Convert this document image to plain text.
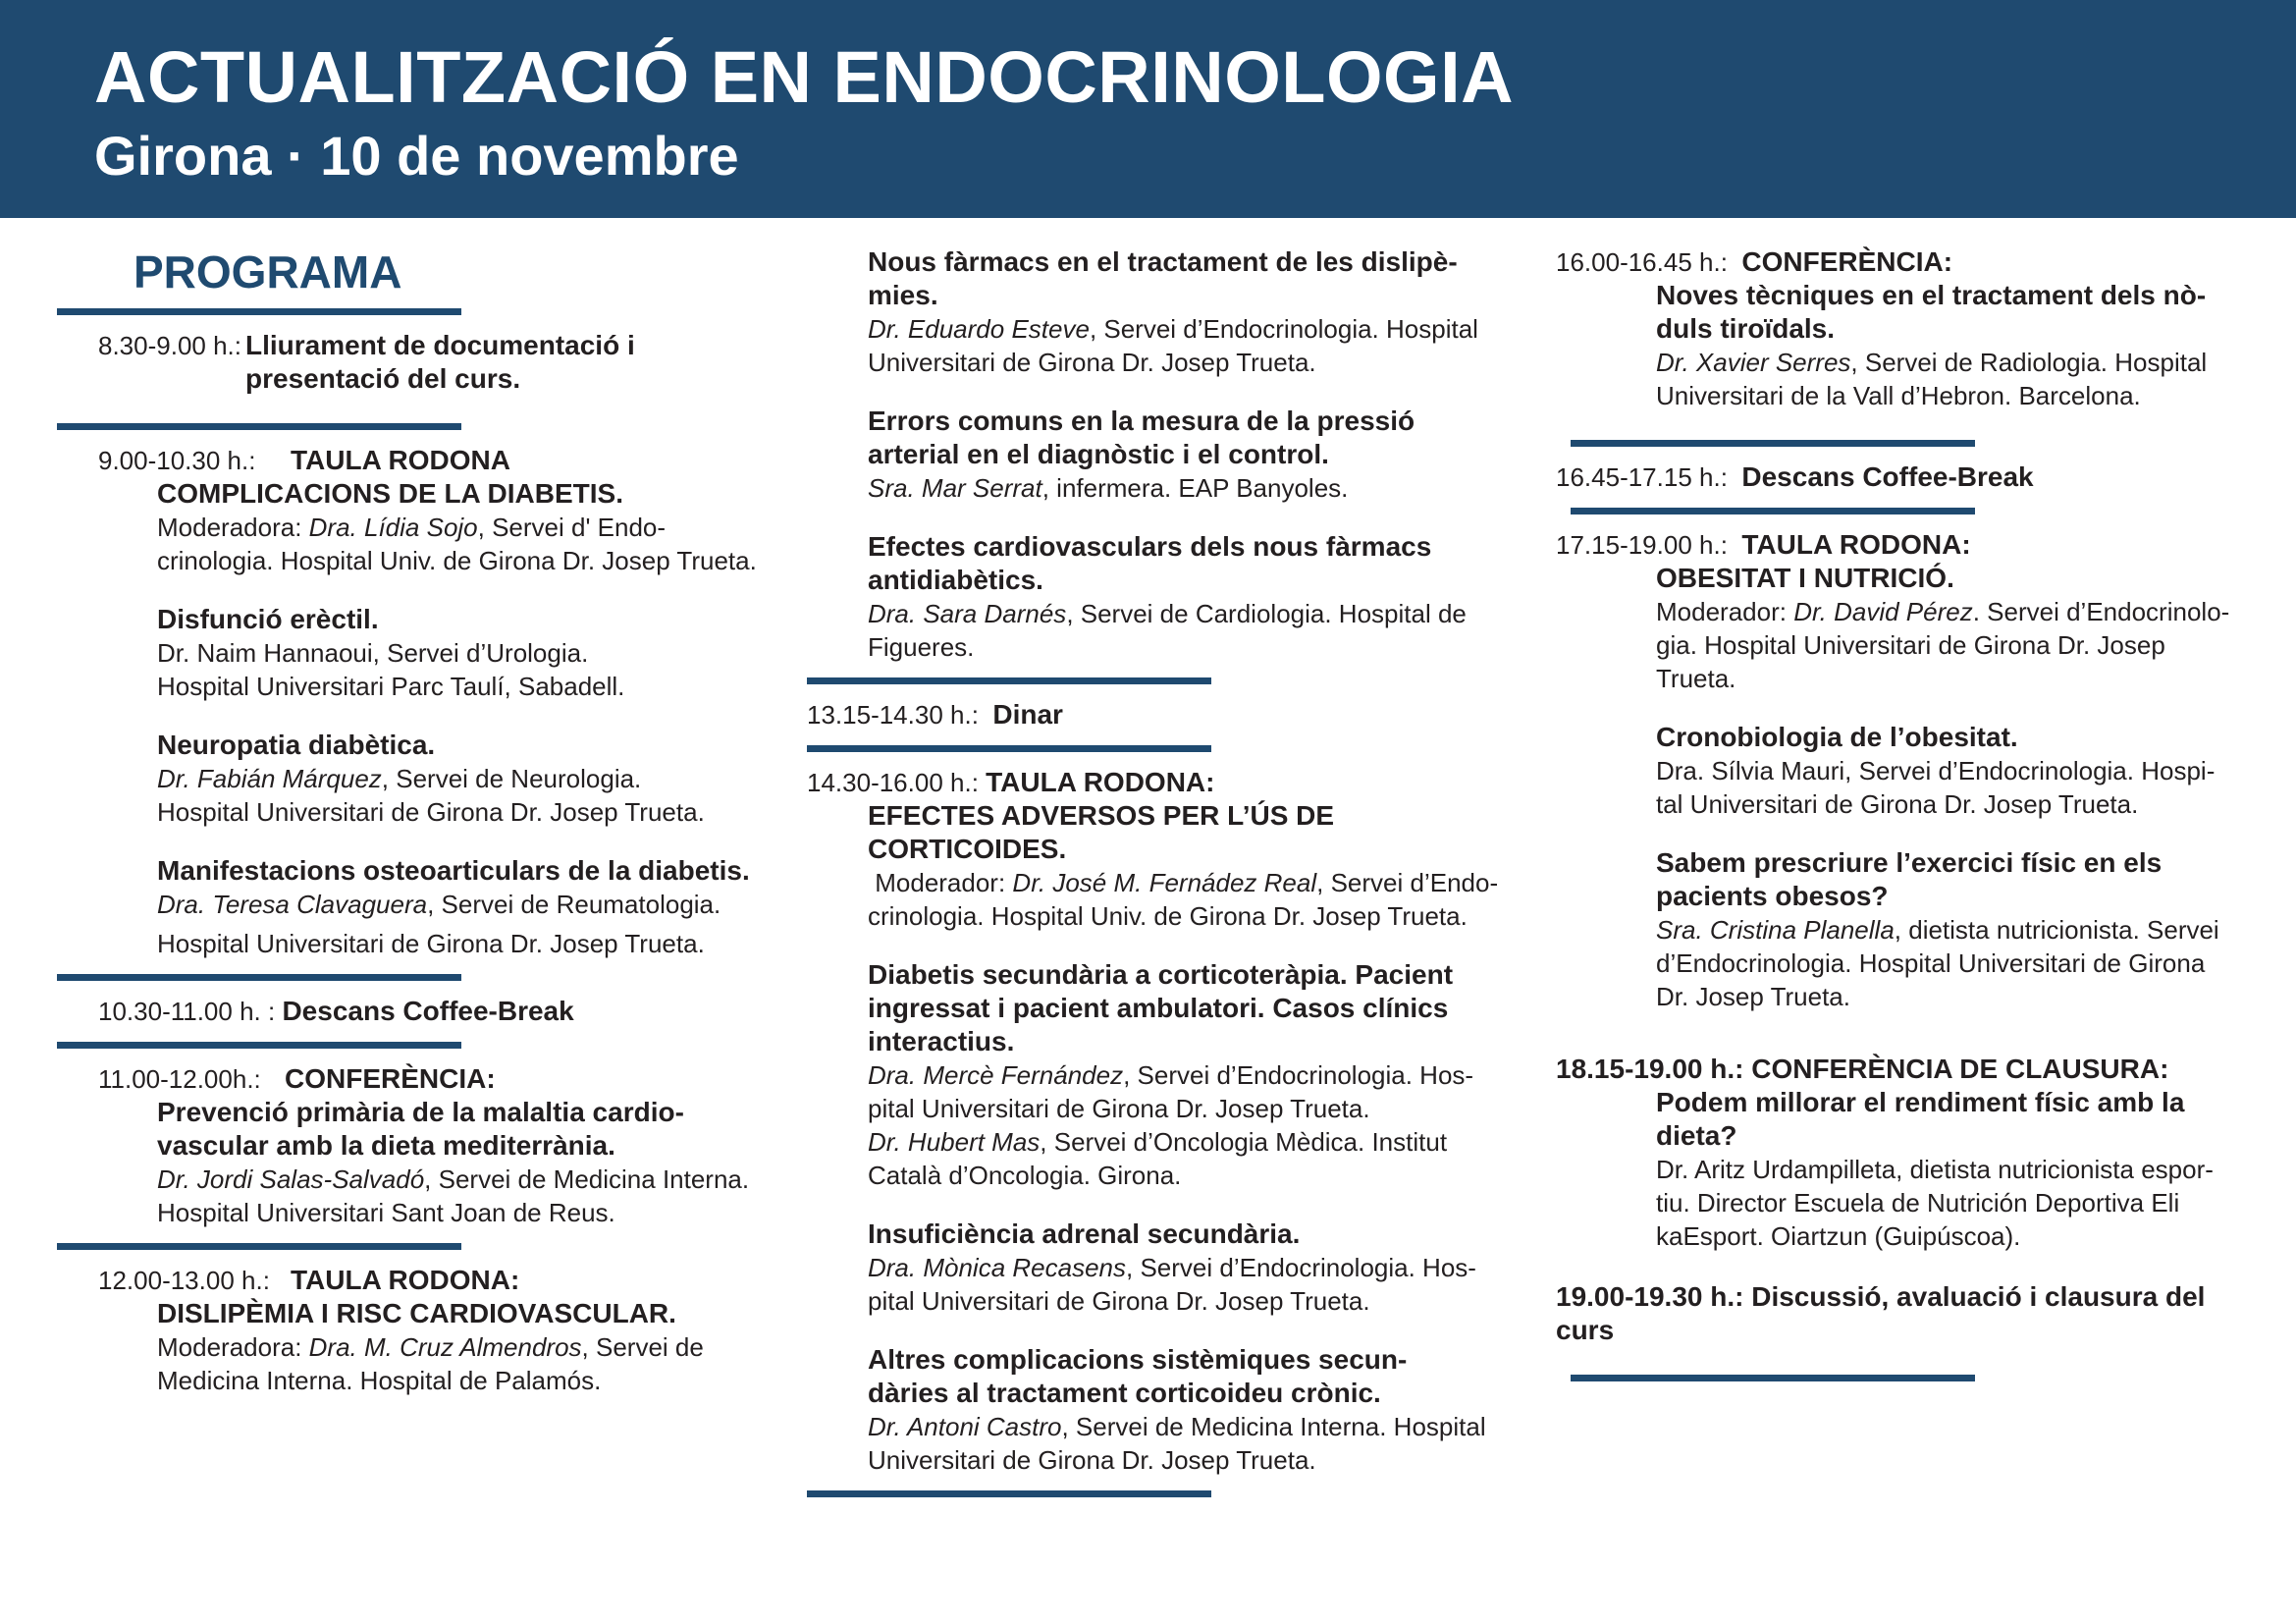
ACTUALITZACIÓ EN ENDOCRINOLOGIA
Girona · 10 de novembre
PROGRAMA
8.30-9.00 h.: Lliurament de documentació i
presentació del curs.
9.00-10.30 h.: TAULA RODONA
COMPLICACIONS DE LA DIABETIS.
Moderadora: Dra. Lídia Sojo, Servei d' Endo-
crinologia. Hospital Univ. de Girona Dr. Josep Trueta.
Disfunció erèctil.
Dr. Naim Hannaoui, Servei d’Urologia.
Hospital Universitari Parc Taulí, Sabadell.
Neuropatia diabètica.
Dr. Fabián Márquez, Servei de Neurologia.
Hospital Universitari de Girona Dr. Josep Trueta.
Manifestacions osteoarticulars de la diabetis.
Dra. Teresa Clavaguera, Servei de Reumatologia.
Hospital Universitari de Girona Dr. Josep Trueta.
10.30-11.00 h. : Descans Coffee-Break
11.00-12.00h.: CONFERÈNCIA:
Prevenció primària de la malaltia cardio-
vascular amb la dieta mediterrània.
Dr. Jordi Salas-Salvadó, Servei de Medicina Interna.
Hospital Universitari Sant Joan de Reus.
12.00-13.00 h.: TAULA RODONA:
DISLIPÈMIA I RISC CARDIOVASCULAR.
Moderadora: Dra. M. Cruz Almendros, Servei de
Medicina Interna. Hospital de Palamós.
Nous fàrmacs en el tractament de les dislipè-
mies.
Dr. Eduardo Esteve, Servei d’Endocrinologia. Hospital
Universitari de Girona Dr. Josep Trueta.
Errors comuns en la mesura de la pressió
arterial en el diagnòstic i el control.
Sra. Mar Serrat, infermera. EAP Banyoles.
Efectes cardiovasculars dels nous fàrmacs
antidiabètics.
Dra. Sara Darnés, Servei de Cardiologia. Hospital de
Figueres.
13.15-14.30 h.: Dinar
14.30-16.00 h.: TAULA RODONA:
EFECTES ADVERSOS PER L’ÚS DE CORTICOIDES.
Moderador: Dr. José M. Fernádez Real, Servei d’Endo-
crinologia. Hospital Univ. de Girona Dr. Josep Trueta.
Diabetis secundària a corticoteràpia. Pacient
ingressat i pacient ambulatori. Casos clínics
interactius.
Dra. Mercè Fernández, Servei d’Endocrinologia. Hos-
pital Universitari de Girona Dr. Josep Trueta.
Dr. Hubert Mas, Servei d’Oncologia Mèdica. Institut
Català d’Oncologia. Girona.
Insuficiència adrenal secundària.
Dra. Mònica Recasens, Servei d’Endocrinologia. Hos-
pital Universitari de Girona Dr. Josep Trueta.
Altres complicacions sistèmiques secun-
dàries al tractament corticoideu crònic.
Dr. Antoni Castro, Servei de Medicina Interna. Hospital
Universitari de Girona Dr. Josep Trueta.
16.00-16.45 h.: CONFERÈNCIA:
Noves tècniques en el tractament dels nò-
duls tiroïdals.
Dr. Xavier Serres, Servei de Radiologia. Hospital
Universitari de la Vall d’Hebron. Barcelona.
16.45-17.15 h.: Descans Coffee-Break
17.15-19.00 h.: TAULA RODONA:
OBESITAT I NUTRICIÓ.
Moderador: Dr. David Pérez. Servei d’Endocrinolo-
gia. Hospital Universitari de Girona Dr. Josep
Trueta.
Cronobiologia de l’obesitat.
Dra. Sílvia Mauri, Servei d’Endocrinologia. Hospi-
tal Universitari de Girona Dr. Josep Trueta.
Sabem prescriure l’exercici físic en els
pacients obesos?
Sra. Cristina Planella, dietista nutricionista. Servei
d’Endocrinologia. Hospital Universitari de Girona
Dr. Josep Trueta.
18.15-19.00 h.: CONFERÈNCIA DE CLAUSURA:
Podem millorar el rendiment físic amb la dieta?
Dr. Aritz Urdampilleta, dietista nutricionista espor-
tiu. Director Escuela de Nutrición Deportiva Eli
kaEsport. Oiartzun (Guipúscoa).
19.00-19.30 h.: Discussió, avaluació i clausura del curs
